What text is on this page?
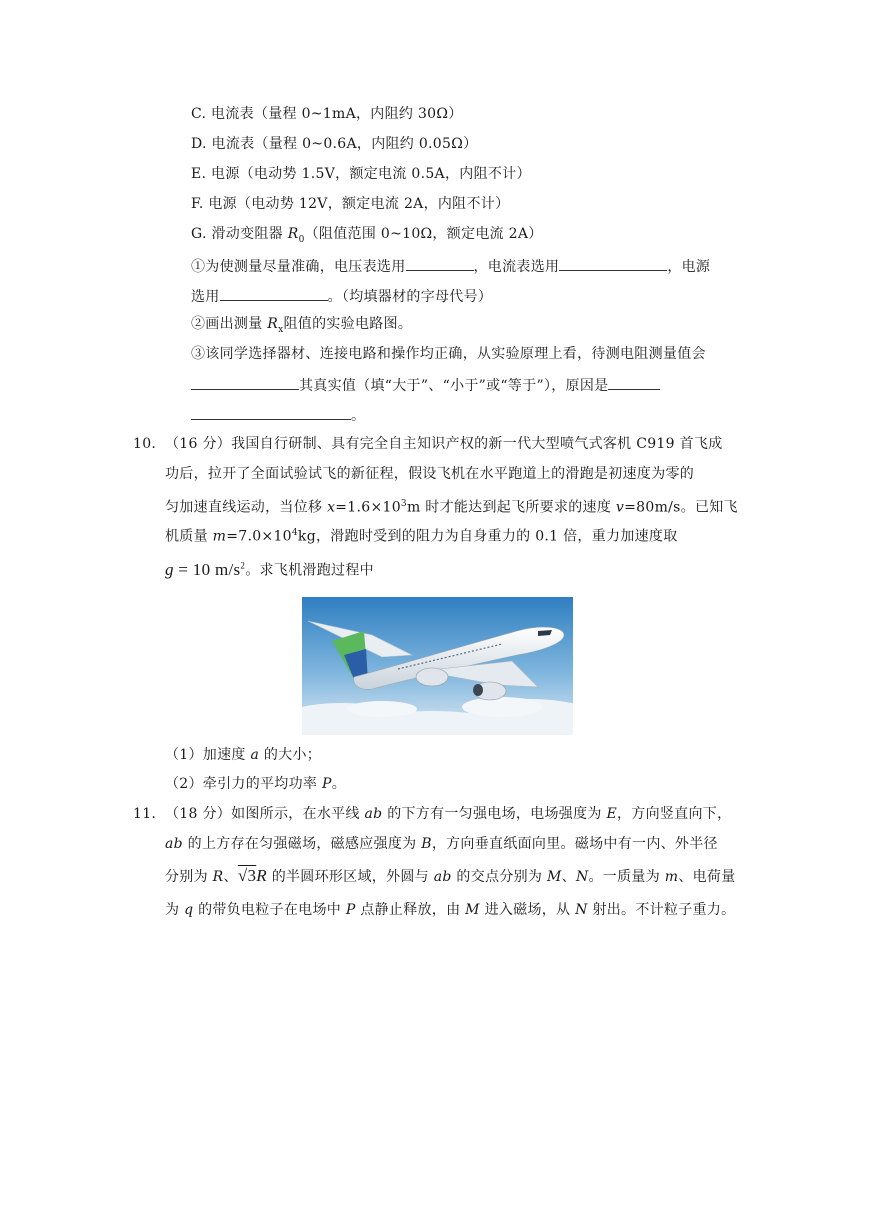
C. 电流表（量程 0~1mA，内阻约 30Ω）
D. 电流表（量程 0~0.6A，内阻约 0.05Ω）
E. 电源（电动势 1.5V，额定电流 0.5A，内阻不计）
F. 电源（电动势 12V，额定电流 2A，内阻不计）
G. 滑动变阻器 $R_0$（阻值范围 0~10Ω，额定电流 2A）
①为使测量尽量准确，电压表选用	，电流表选用	，电源
选用	。（均填器材的字母代号）
②画出测量 $R_x$阻值的实验电路图。
③该同学选择器材、连接电路和操作均正确，从实验原理上看，待测电阻测量值会
其真实值（填“大于”、“小于”或“等于”），原因是
。
10. （16 分）我国自行研制、具有完全自主知识产权的新一代大型喷气式客机 C919 首飞成
功后，拉开了全面试验试飞的新征程，假设飞机在水平跑道上的滑跑是初速度为零的
匀加速直线运动，当位移 $x=1.6\times 10^3m$ 时才能达到起飞所要求的速度 v=80m/s。已知飞
机质量 $m=7.0\times 10^4kg$，滑跑时受到的阻力为自身重力的 0.1 倍，重力加速度取
g = 10 $m/s^2$。求飞机滑跑过程中
（1）加速度 a 的大小；
（2）牵引力的平均功率 P。
11. （18 分）如图所示，在水平线 ab 的下方有一匀强电场，电场强度为 E，方向竖直向下，
ab 的上方存在匀强磁场，磁感应强度为 B，方向垂直纸面向里。磁场中有一内、外半径
分别为 R、√3R 的半圆环形区域，外圆与 ab 的交点分别为 M、N。一质量为 m、电荷量
为 q 的带负电粒子在电场中 P 点静止释放，由 M 进入磁场，从 N 射出。不计粒子重力。
